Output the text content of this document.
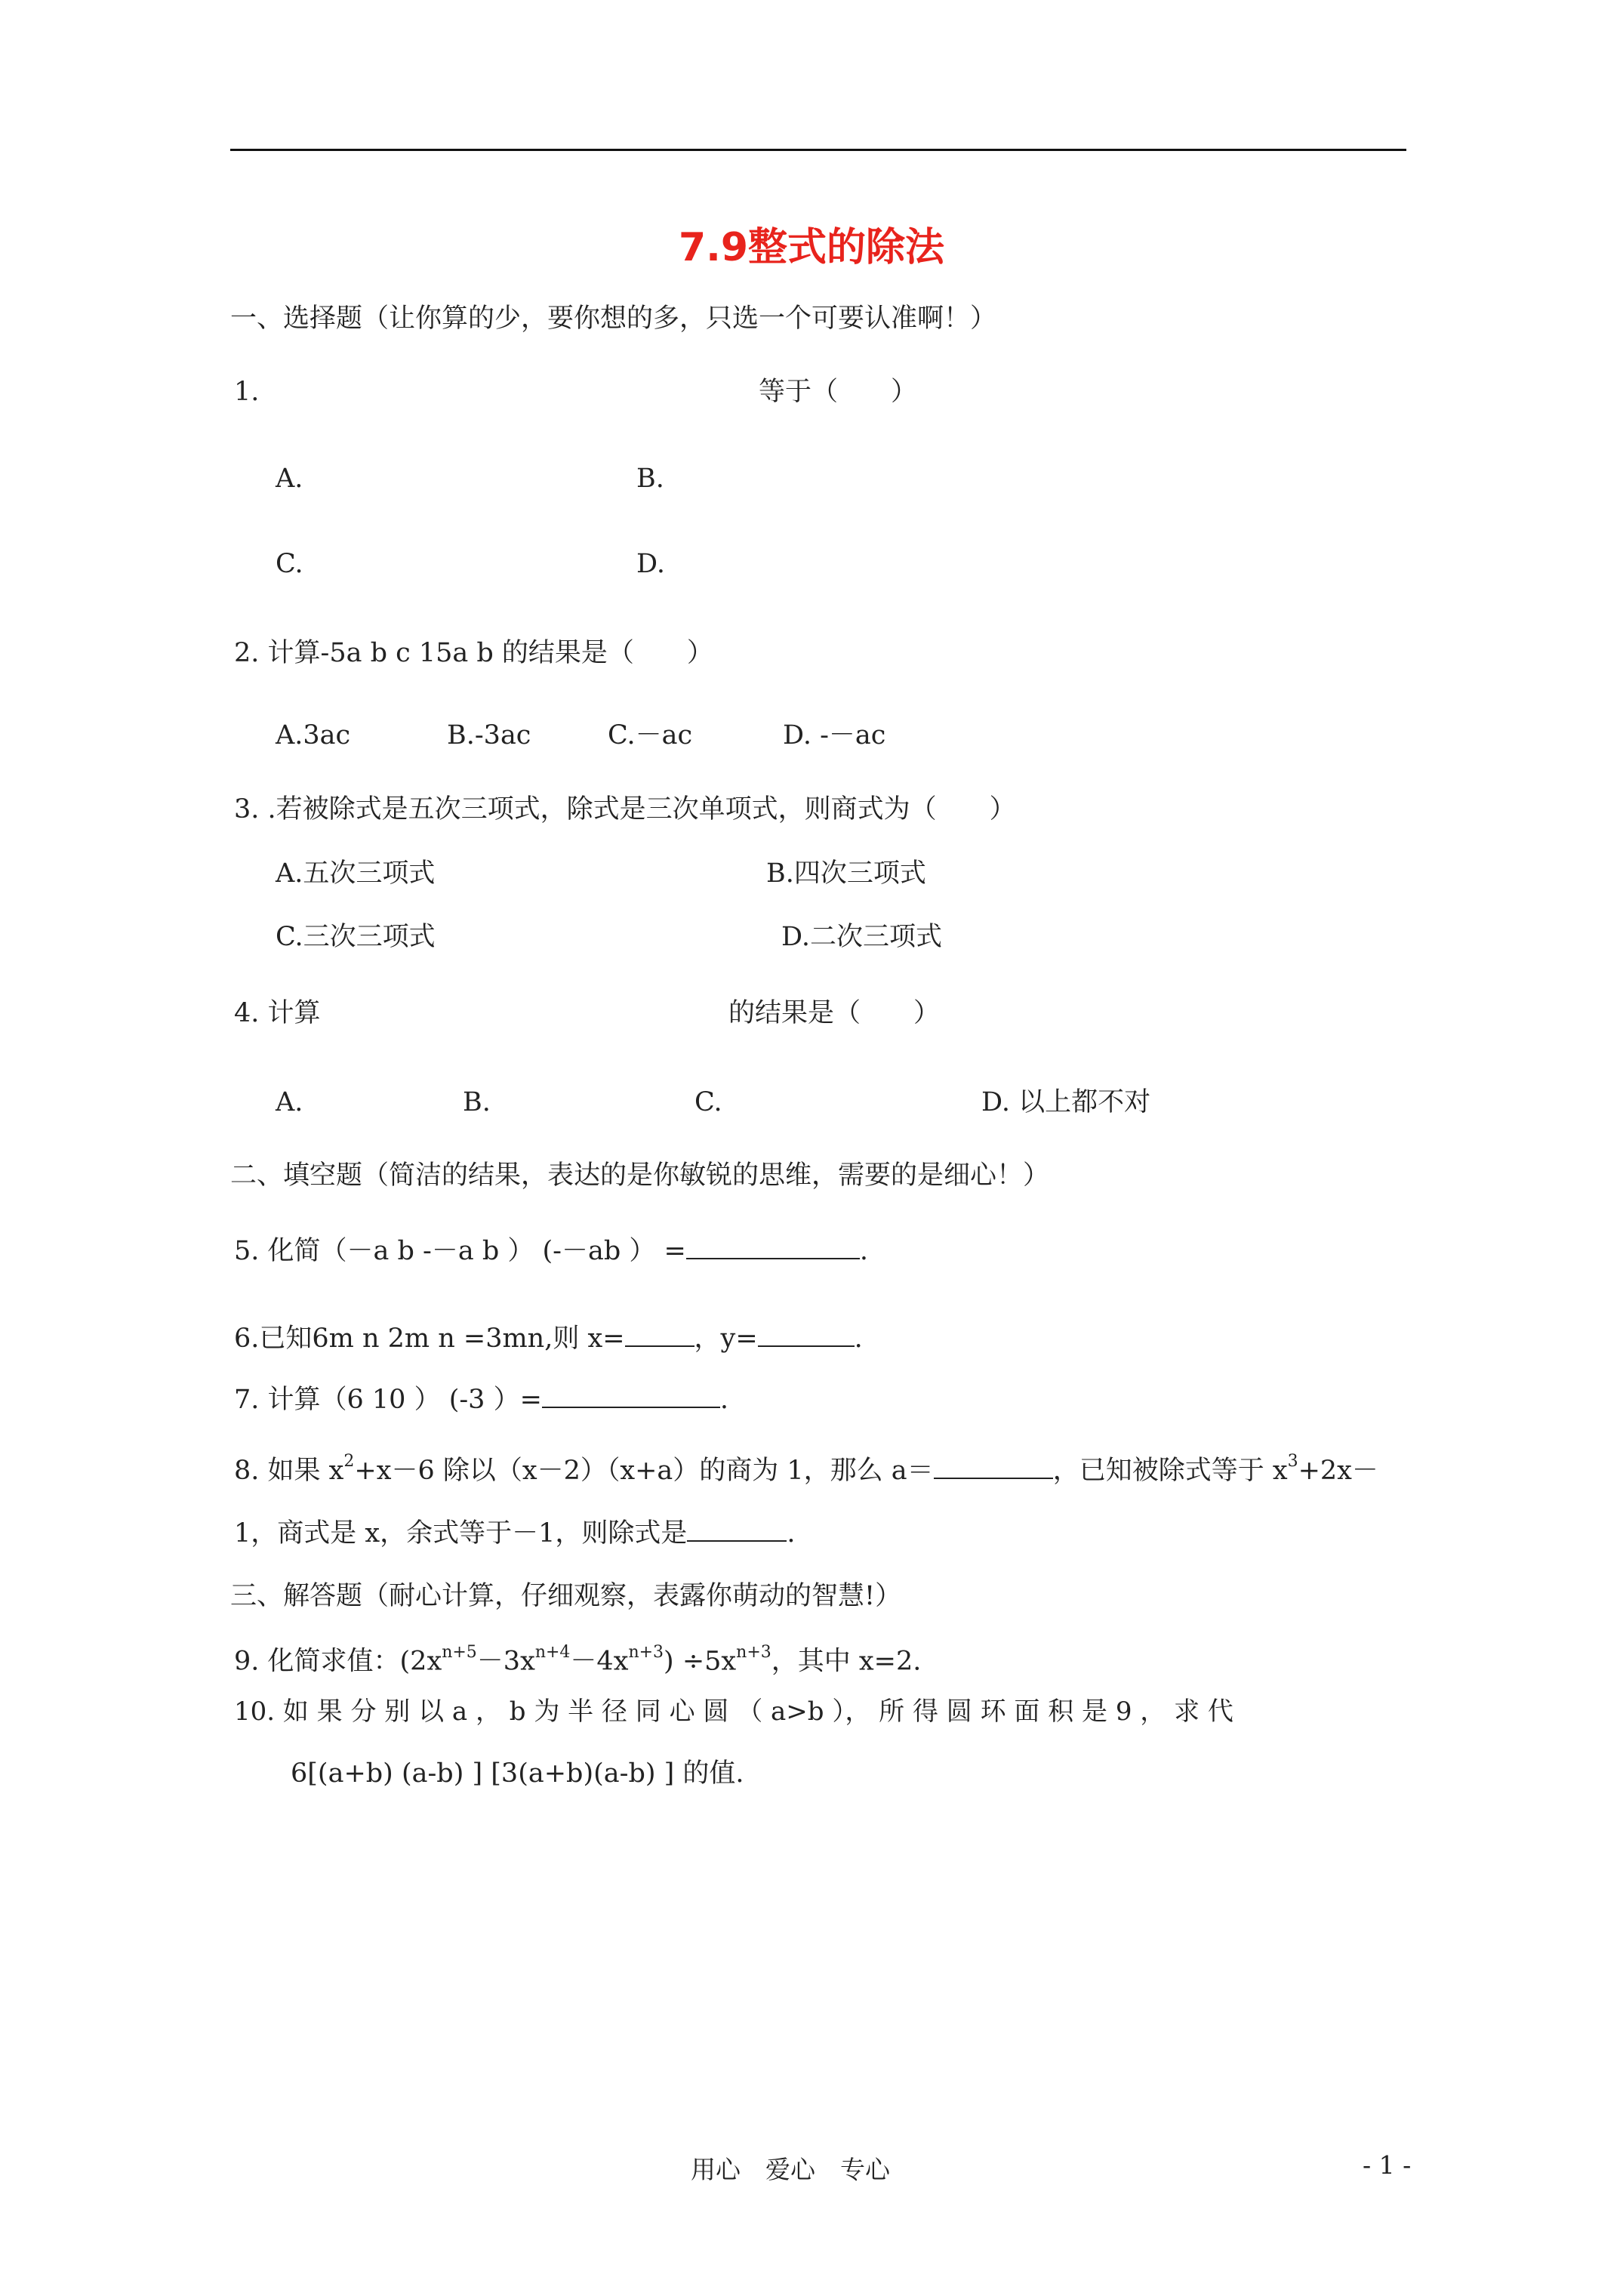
7.9整式的除法
一、选择题（让你算的少，要你想的多，只选一个可要认准啊！）
1.	等于（　　）
A.	B.
C.	D.
2. 计算-5a b c 15a b 的结果是（　　）
A.3ac	B.-3ac	C.－ac	D. -－ac
3. .若被除式是五次三项式，除式是三次单项式，则商式为（　　）
A.五次三项式	B.四次三项式
C.三次三项式	D.二次三项式
4. 计算	的结果是（　　）
A.	B.	C.	D. 以上都不对
二、填空题（简洁的结果，表达的是你敏锐的思维，需要的是细心！）
5. 化简（－a b -－a b ） (-－ab ） =	.
6.已知6m n 2m n =3mn,则 x=	，y=	.
7. 计算（6 10 ） (-3 ）=	.
8. 如果 $x^2+x-6$ 除以（x－2）（x+a）的商为 1，那么 a＝	，已知被除式等于 $x^3+2x-$
1，商式是 x，余式等于－1，则除式是	.
三、解答题（耐心计算，仔细观察，表露你萌动的智慧!）
9. 化简求值：$(2x^{n+5}-3x^{n+4}-4x^{n+3}) \div 5x^{n+3}$，其中 x=2.
10. 如 果 分 别 以 a ， b 为 半 径 同 心 圆 （ a>b ）， 所 得 圆 环 面 积 是 9 ， 求 代
6[(a+b) (a-b) ] [3(a+b)(a-b) ] 的值.
用心　爱心　专心	- 1 -
